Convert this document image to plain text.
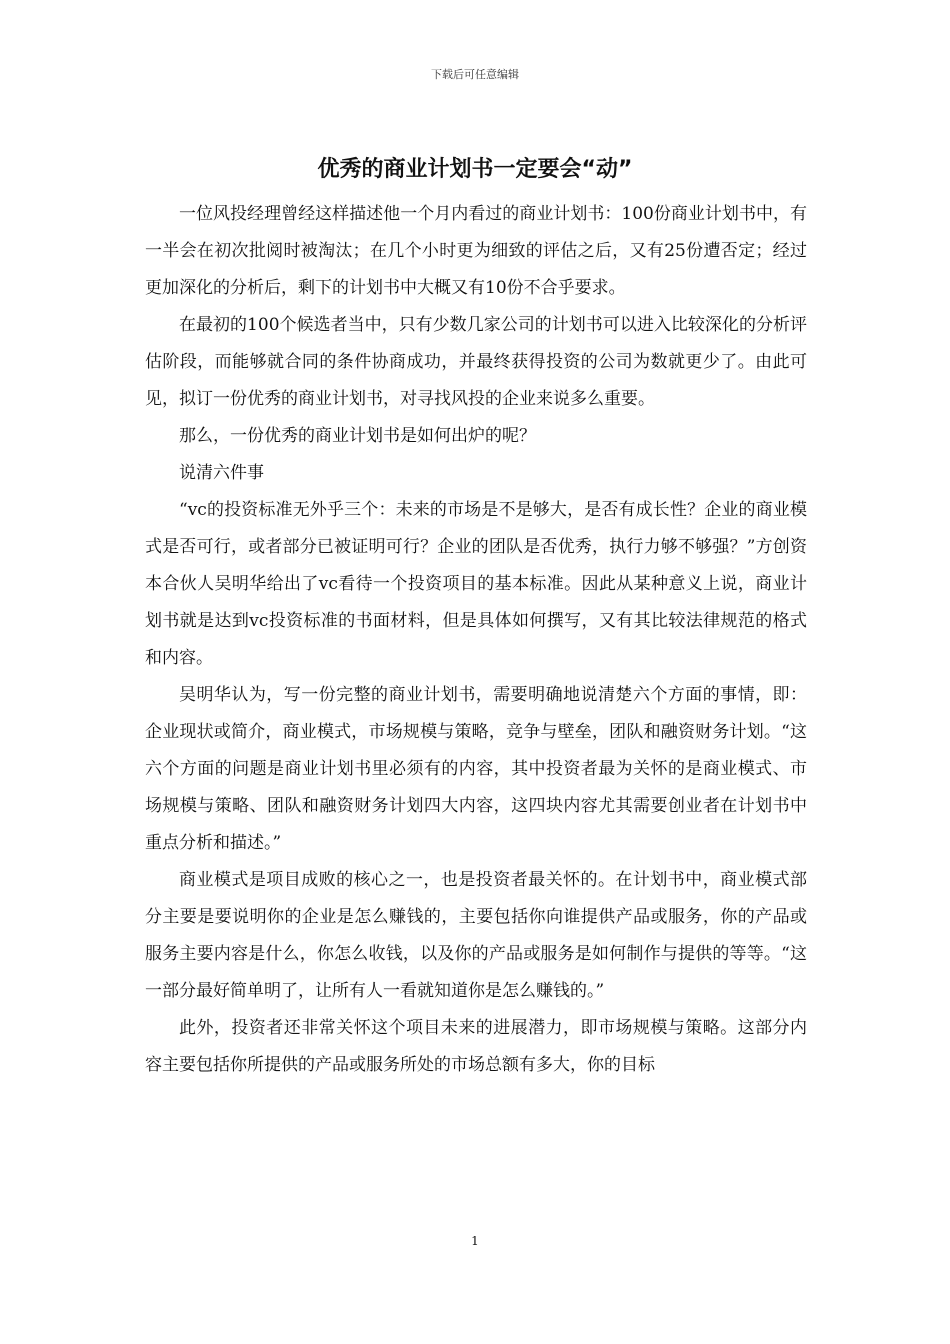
下载后可任意编辑
优秀的商业计划书一定要会“动”

一位风投经理曾经这样描述他一个月内看过的商业计划书：100份商业计划书中，有一半会在初次批阅时被淘汰；在几个小时更为细致的评估之后，又有25份遭否定；经过更加深化的分析后，剩下的计划书中大概又有10份不合乎要求。

在最初的100个候选者当中，只有少数几家公司的计划书可以进入比较深化的分析评估阶段，而能够就合同的条件协商成功，并最终获得投资的公司为数就更少了。由此可见，拟订一份优秀的商业计划书，对寻找风投的企业来说多么重要。

那么，一份优秀的商业计划书是如何出炉的呢？

说清六件事

“vc的投资标准无外乎三个：未来的市场是不是够大，是否有成长性？企业的商业模式是否可行，或者部分已被证明可行？企业的团队是否优秀，执行力够不够强？”方创资本合伙人吴明华给出了vc看待一个投资项目的基本标准。因此从某种意义上说，商业计划书就是达到vc投资标准的书面材料，但是具体如何撰写，又有其比较法律规范的格式和内容。

吴明华认为，写一份完整的商业计划书，需要明确地说清楚六个方面的事情，即：企业现状或简介，商业模式，市场规模与策略，竞争与壁垒，团队和融资财务计划。“这六个方面的问题是商业计划书里必须有的内容，其中投资者最为关怀的是商业模式、市场规模与策略、团队和融资财务计划四大内容，这四块内容尤其需要创业者在计划书中重点分析和描述。”

商业模式是项目成败的核心之一，也是投资者最关怀的。在计划书中，商业模式部分主要是要说明你的企业是怎么赚钱的，主要包括你向谁提供产品或服务，你的产品或服务主要内容是什么，你怎么收钱，以及你的产品或服务是如何制作与提供的等等。“这一部分最好简单明了，让所有人一看就知道你是怎么赚钱的。”

此外，投资者还非常关怀这个项目未来的进展潜力，即市场规模与策略。这部分内容主要包括你所提供的产品或服务所处的市场总额有多大，你的目标

1
